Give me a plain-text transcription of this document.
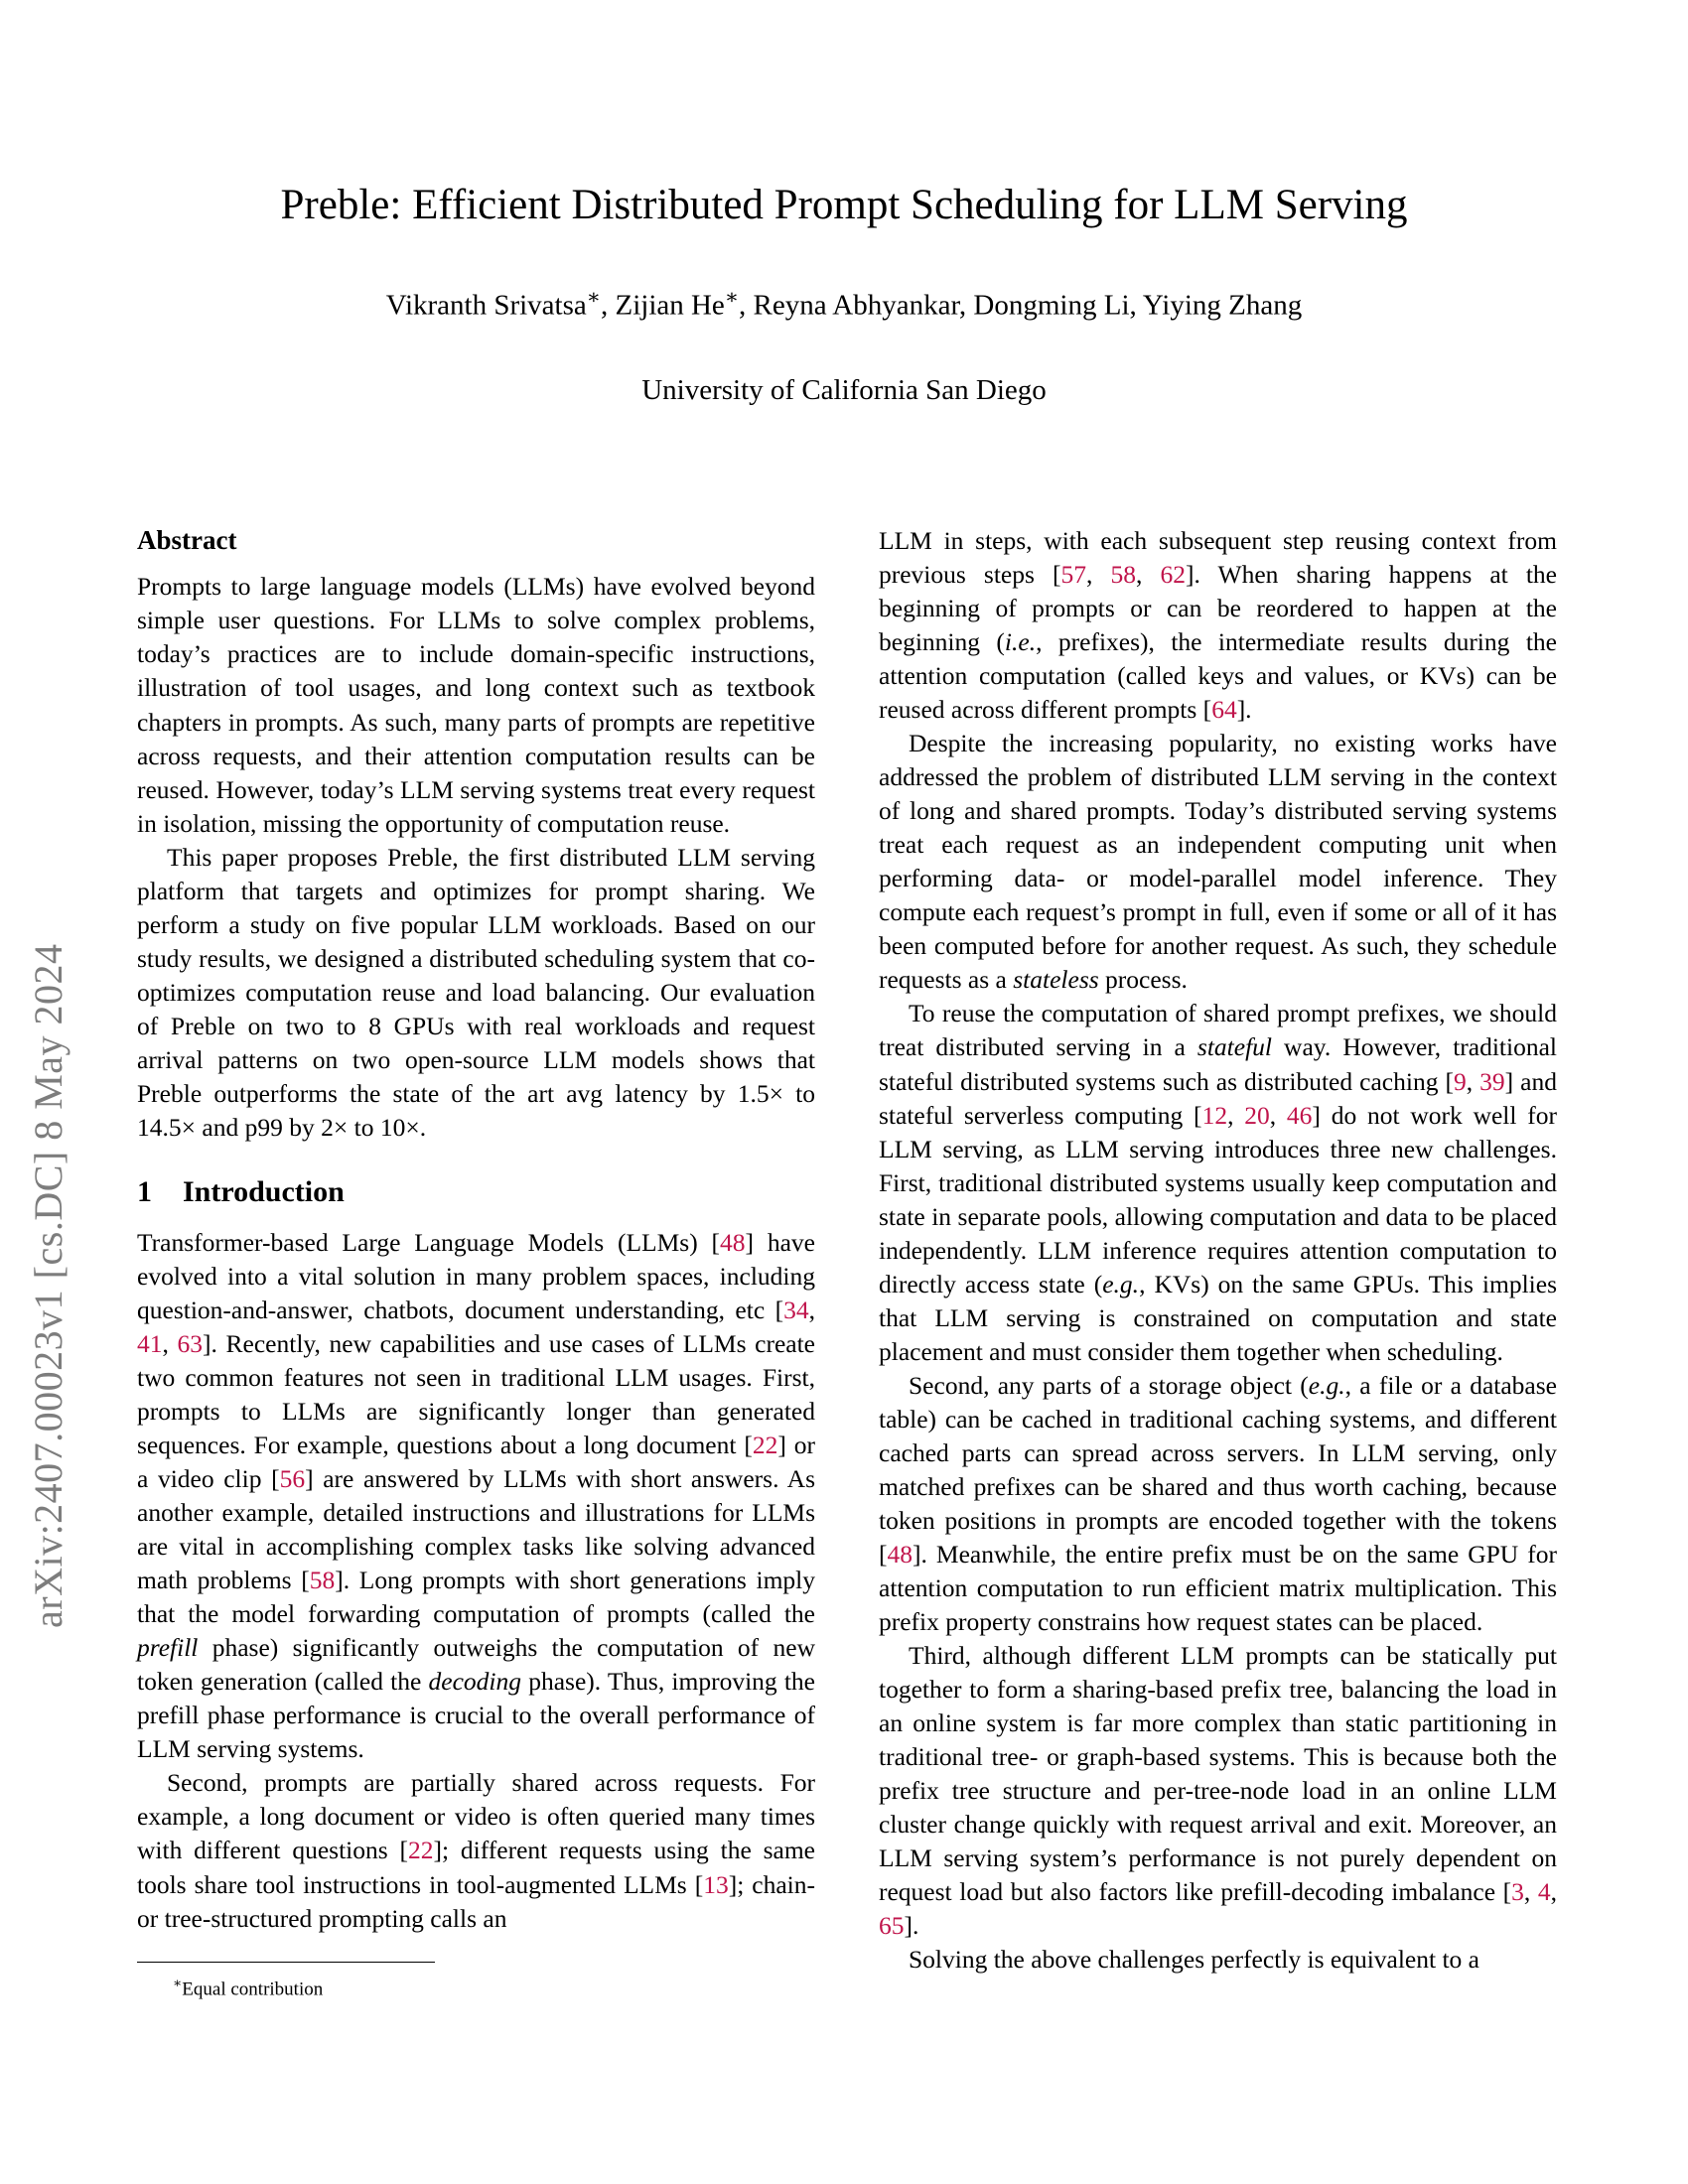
arXiv:2407.00023v1 [cs.DC] 8 May 2024
Preble: Efficient Distributed Prompt Scheduling for LLM Serving
Vikranth Srivatsa∗, Zijian He∗, Reyna Abhyankar, Dongming Li, Yiying Zhang
University of California San Diego
Abstract

Prompts to large language models (LLMs) have evolved beyond simple user questions. For LLMs to solve complex problems, today’s practices are to include domain-specific instructions, illustration of tool usages, and long context such as textbook chapters in prompts. As such, many parts of prompts are repetitive across requests, and their attention computation results can be reused. However, today’s LLM serving systems treat every request in isolation, missing the opportunity of computation reuse.

This paper proposes Preble, the first distributed LLM serving platform that targets and optimizes for prompt sharing. We perform a study on five popular LLM workloads. Based on our study results, we designed a distributed scheduling system that co-optimizes computation reuse and load balancing. Our evaluation of Preble on two to 8 GPUs with real workloads and request arrival patterns on two open-source LLM models shows that Preble outperforms the state of the art avg latency by 1.5× to 14.5× and p99 by 2× to 10×.

1 Introduction

Transformer-based Large Language Models (LLMs) [48] have evolved into a vital solution in many problem spaces, including question-and-answer, chatbots, document understanding, etc [34, 41, 63]. Recently, new capabilities and use cases of LLMs create two common features not seen in traditional LLM usages. First, prompts to LLMs are significantly longer than generated sequences. For example, questions about a long document [22] or a video clip [56] are answered by LLMs with short answers. As another example, detailed instructions and illustrations for LLMs are vital in accomplishing complex tasks like solving advanced math problems [58]. Long prompts with short generations imply that the model forwarding computation of prompts (called the prefill phase) significantly outweighs the computation of new token generation (called the decoding phase). Thus, improving the prefill phase performance is crucial to the overall performance of LLM serving systems.

Second, prompts are partially shared across requests. For example, a long document or video is often queried many times with different questions [22]; different requests using the same tools share tool instructions in tool-augmented LLMs [13]; chain- or tree-structured prompting calls an

∗Equal contribution

LLM in steps, with each subsequent step reusing context from previous steps [57, 58, 62]. When sharing happens at the beginning of prompts or can be reordered to happen at the beginning (i.e., prefixes), the intermediate results during the attention computation (called keys and values, or KVs) can be reused across different prompts [64].

Despite the increasing popularity, no existing works have addressed the problem of distributed LLM serving in the context of long and shared prompts. Today’s distributed serving systems treat each request as an independent computing unit when performing data- or model-parallel model inference. They compute each request’s prompt in full, even if some or all of it has been computed before for another request. As such, they schedule requests as a stateless process.

To reuse the computation of shared prompt prefixes, we should treat distributed serving in a stateful way. However, traditional stateful distributed systems such as distributed caching [9, 39] and stateful serverless computing [12, 20, 46] do not work well for LLM serving, as LLM serving introduces three new challenges. First, traditional distributed systems usually keep computation and state in separate pools, allowing computation and data to be placed independently. LLM inference requires attention computation to directly access state (e.g., KVs) on the same GPUs. This implies that LLM serving is constrained on computation and state placement and must consider them together when scheduling.

Second, any parts of a storage object (e.g., a file or a database table) can be cached in traditional caching systems, and different cached parts can spread across servers. In LLM serving, only matched prefixes can be shared and thus worth caching, because token positions in prompts are encoded together with the tokens [48]. Meanwhile, the entire prefix must be on the same GPU for attention computation to run efficient matrix multiplication. This prefix property constrains how request states can be placed.

Third, although different LLM prompts can be statically put together to form a sharing-based prefix tree, balancing the load in an online system is far more complex than static partitioning in traditional tree- or graph-based systems. This is because both the prefix tree structure and per-tree-node load in an online LLM cluster change quickly with request arrival and exit. Moreover, an LLM serving system’s performance is not purely dependent on request load but also factors like prefill-decoding imbalance [3, 4, 65].

Solving the above challenges perfectly is equivalent to a
